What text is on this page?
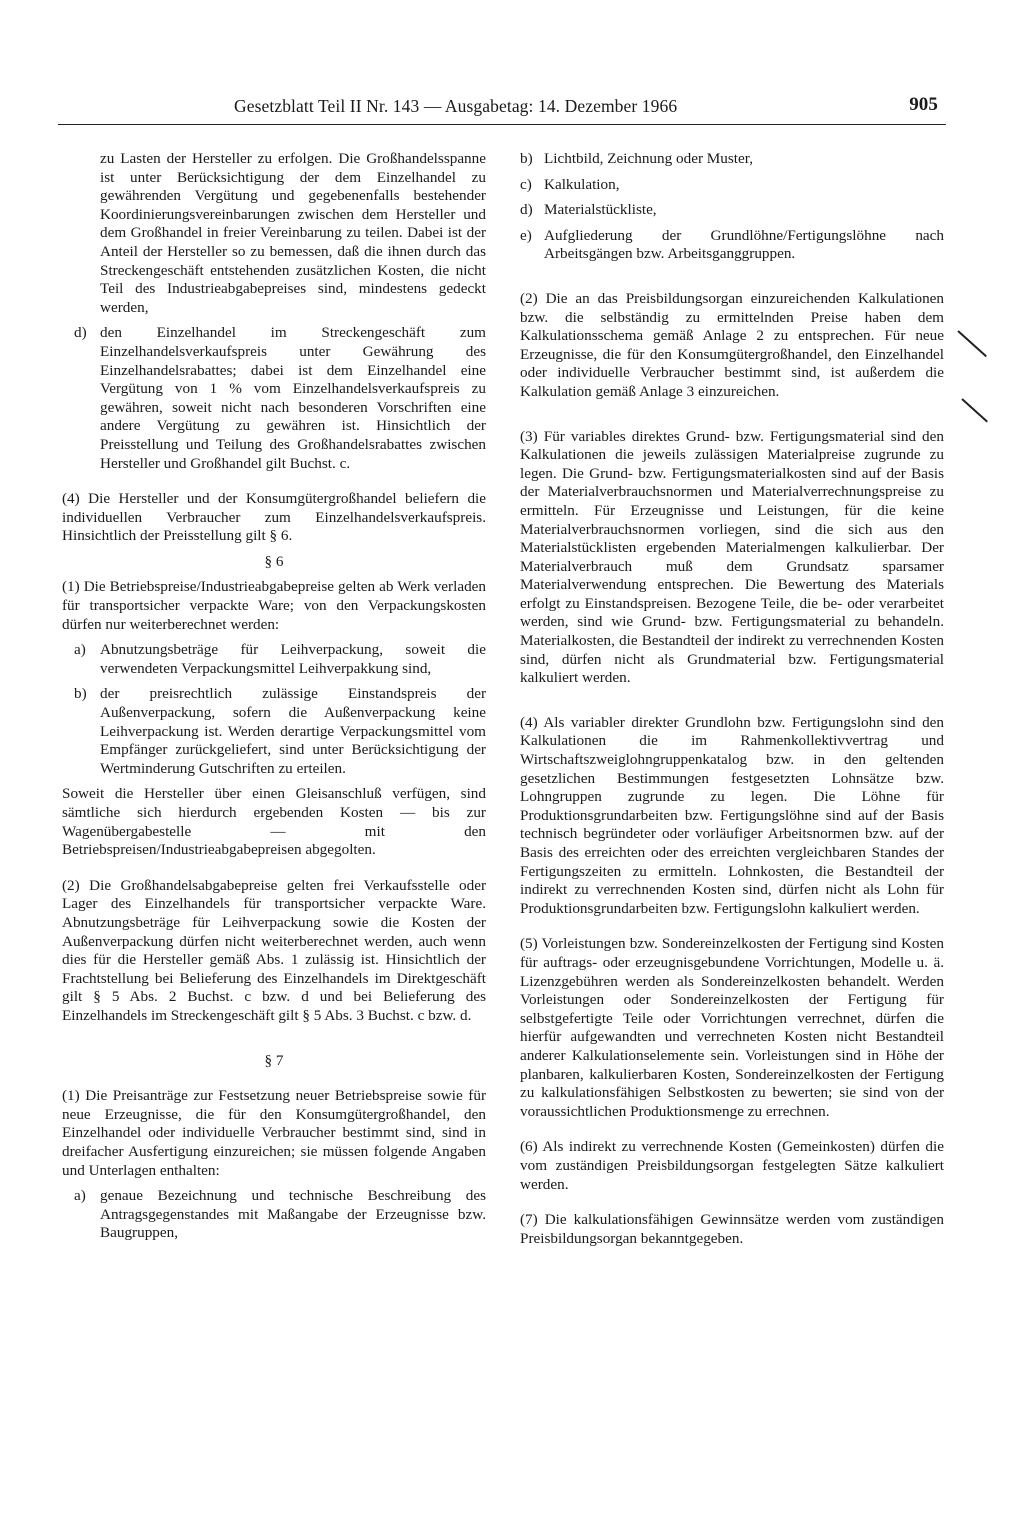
Gesetzblatt Teil II Nr. 143 — Ausgabetag: 14. Dezember 1966	905

zu Lasten der Hersteller zu erfolgen. Die Großhandelsspanne ist unter Berücksichtigung der dem Einzelhandel zu gewährenden Vergütung und gegebenenfalls bestehender Koordinierungsvereinbarungen zwischen dem Hersteller und dem Großhandel in freier Vereinbarung zu teilen. Dabei ist der Anteil der Hersteller so zu bemessen, daß die ihnen durch das Streckengeschäft entstehenden zusätzlichen Kosten, die nicht Teil des Industrieabgabepreises sind, mindestens gedeckt werden,

d) den Einzelhandel im Streckengeschäft zum Einzelhandelsverkaufspreis unter Gewährung des Einzelhandelsrabattes; dabei ist dem Einzelhandel eine Vergütung von 1 % vom Einzelhandelsverkaufspreis zu gewähren, soweit nicht nach besonderen Vorschriften eine andere Vergütung zu gewähren ist. Hinsichtlich der Preisstellung und Teilung des Großhandelsrabattes zwischen Hersteller und Großhandel gilt Buchst. c.

(4) Die Hersteller und der Konsumgütergroßhandel beliefern die individuellen Verbraucher zum Einzelhandelsverkaufspreis. Hinsichtlich der Preisstellung gilt § 6.

§ 6

(1) Die Betriebspreise/Industrieabgabepreise gelten ab Werk verladen für transportsicher verpackte Ware; von den Verpackungskosten dürfen nur weiterberechnet werden:

a) Abnutzungsbeträge für Leihverpackung, soweit die verwendeten Verpackungsmittel Leihverpakkung sind,
b) der preisrechtlich zulässige Einstandspreis der Außenverpackung, sofern die Außenverpackung keine Leihverpackung ist. Werden derartige Verpackungsmittel vom Empfänger zurückgeliefert, sind unter Berücksichtigung der Wertminderung Gutschriften zu erteilen.

Soweit die Hersteller über einen Gleisanschluß verfügen, sind sämtliche sich hierdurch ergebenden Kosten — bis zur Wagenübergabestelle — mit den Betriebspreisen/Industrieabgabepreisen abgegolten.

(2) Die Großhandelsabgabepreise gelten frei Verkaufsstelle oder Lager des Einzelhandels für transportsicher verpackte Ware. Abnutzungsbeträge für Leihverpackung sowie die Kosten der Außenverpackung dürfen nicht weiterberechnet werden, auch wenn dies für die Hersteller gemäß Abs. 1 zulässig ist. Hinsichtlich der Frachtstellung bei Belieferung des Einzelhandels im Direktgeschäft gilt § 5 Abs. 2 Buchst. c bzw. d und bei Belieferung des Einzelhandels im Streckengeschäft gilt § 5 Abs. 3 Buchst. c bzw. d.

§ 7

(1) Die Preisanträge zur Festsetzung neuer Betriebspreise sowie für neue Erzeugnisse, die für den Konsumgütergroßhandel, den Einzelhandel oder individuelle Verbraucher bestimmt sind, sind in dreifacher Ausfertigung einzureichen; sie müssen folgende Angaben und Unterlagen enthalten:

a) genaue Bezeichnung und technische Beschreibung des Antragsgegenstandes mit Maßangabe der Erzeugnisse bzw. Baugruppen,
b) Lichtbild, Zeichnung oder Muster,
c) Kalkulation,
d) Materialstückliste,
e) Aufgliederung der Grundlöhne/Fertigungslöhne nach Arbeitsgängen bzw. Arbeitsganggruppen.

(2) Die an das Preisbildungsorgan einzureichenden Kalkulationen bzw. die selbständig zu ermittelnden Preise haben dem Kalkulationsschema gemäß Anlage 2 zu entsprechen. Für neue Erzeugnisse, die für den Konsumgütergroßhandel, den Einzelhandel oder individuelle Verbraucher bestimmt sind, ist außerdem die Kalkulation gemäß Anlage 3 einzureichen.

(3) Für variables direktes Grund- bzw. Fertigungsmaterial sind den Kalkulationen die jeweils zulässigen Materialpreise zugrunde zu legen. Die Grund- bzw. Fertigungsmaterialkosten sind auf der Basis der Materialverbrauchsnormen und Materialverrechnungspreise zu ermitteln. Für Erzeugnisse und Leistungen, für die keine Materialverbrauchsnormen vorliegen, sind die sich aus den Materialstücklisten ergebenden Materialmengen kalkulierbar. Der Materialverbrauch muß dem Grundsatz sparsamer Materialverwendung entsprechen. Die Bewertung des Materials erfolgt zu Einstandspreisen. Bezogene Teile, die be- oder verarbeitet werden, sind wie Grund- bzw. Fertigungsmaterial zu behandeln. Materialkosten, die Bestandteil der indirekt zu verrechnenden Kosten sind, dürfen nicht als Grundmaterial bzw. Fertigungsmaterial kalkuliert werden.

(4) Als variabler direkter Grundlohn bzw. Fertigungslohn sind den Kalkulationen die im Rahmenkollektivvertrag und Wirtschaftszweiglohngruppenkatalog bzw. in den geltenden gesetzlichen Bestimmungen festgesetzten Lohnsätze bzw. Lohngruppen zugrunde zu legen. Die Löhne für Produktionsgrundarbeiten bzw. Fertigungslöhne sind auf der Basis technisch begründeter oder vorläufiger Arbeitsnormen bzw. auf der Basis des erreichten oder des erreichten vergleichbaren Standes der Fertigungszeiten zu ermitteln. Lohnkosten, die Bestandteil der indirekt zu verrechnenden Kosten sind, dürfen nicht als Lohn für Produktionsgrundarbeiten bzw. Fertigungslohn kalkuliert werden.

(5) Vorleistungen bzw. Sondereinzelkosten der Fertigung sind Kosten für auftrags- oder erzeugnisgebundene Vorrichtungen, Modelle u. ä. Lizenzgebühren werden als Sondereinzelkosten behandelt. Werden Vorleistungen oder Sondereinzelkosten der Fertigung für selbstgefertigte Teile oder Vorrichtungen verrechnet, dürfen die hierfür aufgewandten und verrechneten Kosten nicht Bestandteil anderer Kalkulationselemente sein. Vorleistungen sind in Höhe der planbaren, kalkulierbaren Kosten, Sondereinzelkosten der Fertigung zu kalkulationsfähigen Selbstkosten zu bewerten; sie sind von der voraussichtlichen Produktionsmenge zu errechnen.

(6) Als indirekt zu verrechnende Kosten (Gemeinkosten) dürfen die vom zuständigen Preisbildungsorgan festgelegten Sätze kalkuliert werden.

(7) Die kalkulationsfähigen Gewinnsätze werden vom zuständigen Preisbildungsorgan bekanntgegeben.
